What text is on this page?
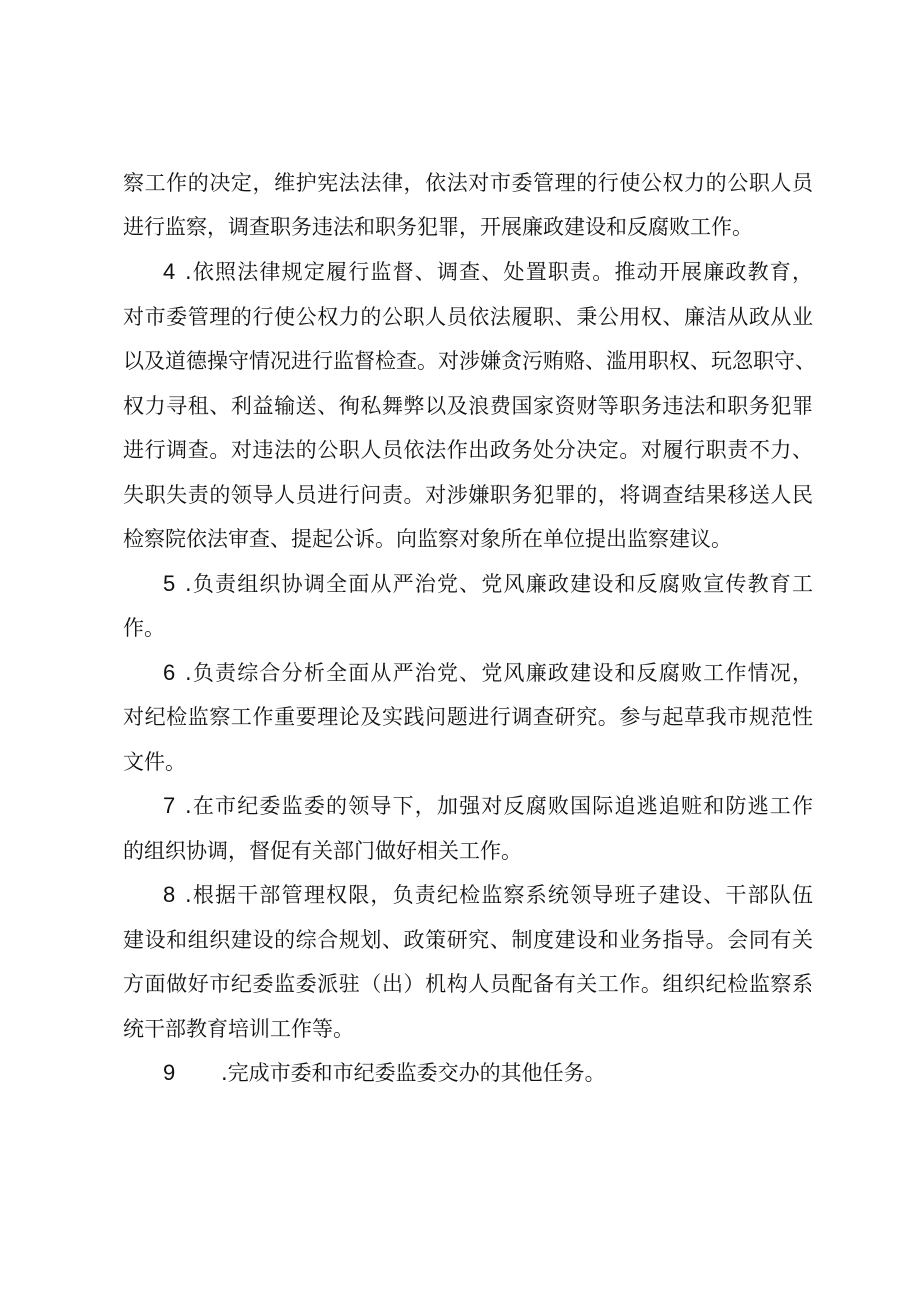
察工作的决定，维护宪法法律，依法对市委管理的行使公权力的公职人员
进行监察，调查职务违法和职务犯罪，开展廉政建设和反腐败工作。
4 .依照法律规定履行监督、调查、处置职责。推动开展廉政教育，
对市委管理的行使公权力的公职人员依法履职、秉公用权、廉洁从政从业
以及道德操守情况进行监督检查。对涉嫌贪污贿赂、滥用职权、玩忽职守、
权力寻租、利益输送、徇私舞弊以及浪费国家资财等职务违法和职务犯罪
进行调查。对违法的公职人员依法作出政务处分决定。对履行职责不力、
失职失责的领导人员进行问责。对涉嫌职务犯罪的，将调查结果移送人民
检察院依法审查、提起公诉。向监察对象所在单位提出监察建议。
5 .负责组织协调全面从严治党、党风廉政建设和反腐败宣传教育工
作。
6 .负责综合分析全面从严治党、党风廉政建设和反腐败工作情况，
对纪检监察工作重要理论及实践问题进行调查研究。参与起草我市规范性
文件。
7 .在市纪委监委的领导下，加强对反腐败国际追逃追赃和防逃工作
的组织协调，督促有关部门做好相关工作。
8 .根据干部管理权限，负责纪检监察系统领导班子建设、干部队伍
建设和组织建设的综合规划、政策研究、制度建设和业务指导。会同有关
方面做好市纪委监委派驻（出）机构人员配备有关工作。组织纪检监察系
统干部教育培训工作等。
9 .完成市委和市纪委监委交办的其他任务。
